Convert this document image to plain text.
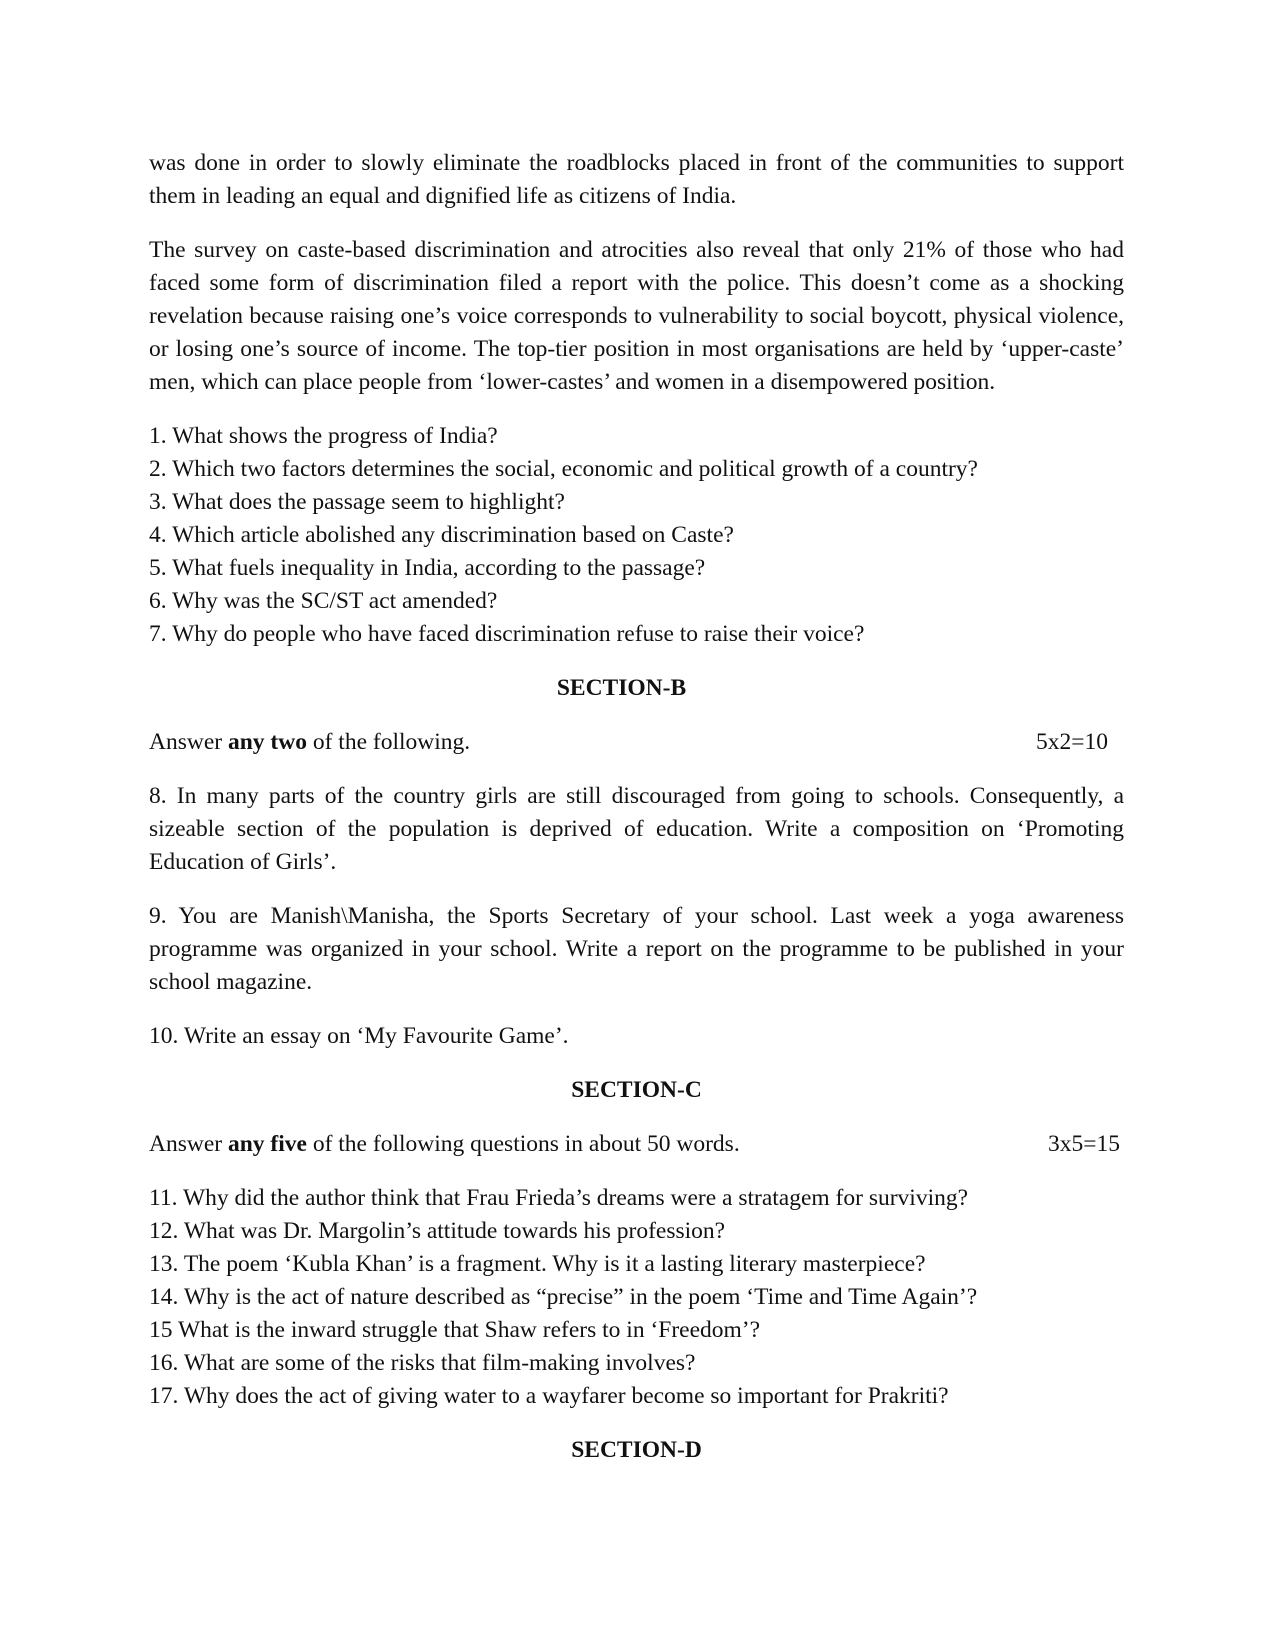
was done in order to slowly eliminate the roadblocks placed in front of the communities to support them in leading an equal and dignified life as citizens of India.

The survey on caste-based discrimination and atrocities also reveal that only 21% of those who had faced some form of discrimination filed a report with the police. This doesn’t come as a shocking revelation because raising one’s voice corresponds to vulnerability to social boycott, physical violence, or losing one’s source of income. The top-tier position in most organisations are held by ‘upper-caste’ men, which can place people from ‘lower-castes’ and women in a disempowered position.

1. What shows the progress of India?
2. Which two factors determines the social, economic and political growth of a country?
3. What does the passage seem to highlight?
4. Which article abolished any discrimination based on Caste?
5. What fuels inequality in India, according to the passage?
6. Why was the SC/ST act amended?
7. Why do people who have faced discrimination refuse to raise their voice?
SECTION-B
Answer any two of the following.	5x2=10

8. In many parts of the country girls are still discouraged from going to schools. Consequently, a sizeable section of the population is deprived of education. Write a composition on ‘Promoting Education of Girls’.

9. You are Manish\Manisha, the Sports Secretary of your school. Last week a yoga awareness programme was organized in your school. Write a report on the programme to be published in your school magazine.

10. Write an essay on ‘My Favourite Game’.

SECTION-C
Answer any five of the following questions in about 50 words.	3x5=15
11. Why did the author think that Frau Frieda’s dreams were a stratagem for surviving?
12. What was Dr. Margolin’s attitude towards his profession?
13. The poem ‘Kubla Khan’ is a fragment. Why is it a lasting literary masterpiece?
14. Why is the act of nature described as “precise” in the poem ‘Time and Time Again’?
15 What is the inward struggle that Shaw refers to in ‘Freedom’?
16. What are some of the risks that film-making involves?
17. Why does the act of giving water to a wayfarer become so important for Prakriti?
SECTION-D
